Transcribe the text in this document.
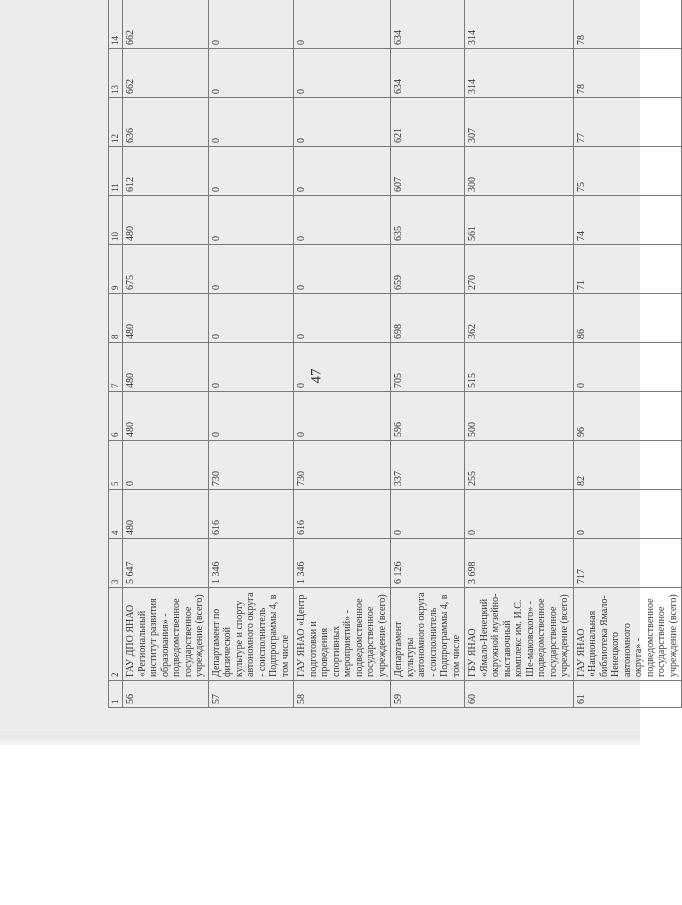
47
1	2	3	4	5	6	7	8	9	10	11	12	13	14
56	ГАУ ДПО ЯНАО «Региональный институт развития образования» - подведомственное государственное учреждение (всего)	5 647	480	0	480	480	480	675	480	612	636	662	662
57	Департамент по физической культуре и спорту автономного округа - соисполнитель Подпрограммы 4, в том числе	1 346	616	730	0	0	0	0	0	0	0	0	0
58	ГАУ ЯНАО «Центр подготовки и проведения спортивных мероприятий» - подведомственное государственное учреждение (всего)	1 346	616	730	0	0	0	0	0	0	0	0	0
59	Департамент культуры автономного округа - соисполнитель Подпрограммы 4, в том числе	6 126	0	337	596	705	698	659	635	607	621	634	634
60	ГБУ ЯНАО «Ямало-Ненецкий окружной музейно-выставочный комплекс им. И.С. Ше-маковского» - подведомственное государственное учреждение (всего)	3 698	0	255	500	515	362	270	561	300	307	314	314
61	ГАУ ЯНАО «Национальная библиотека Ямало-Ненецкого автономного округа» - подведомственное государственное учреждение (всего)	717	0	82	96	0	86	71	74	75	77	78	78
